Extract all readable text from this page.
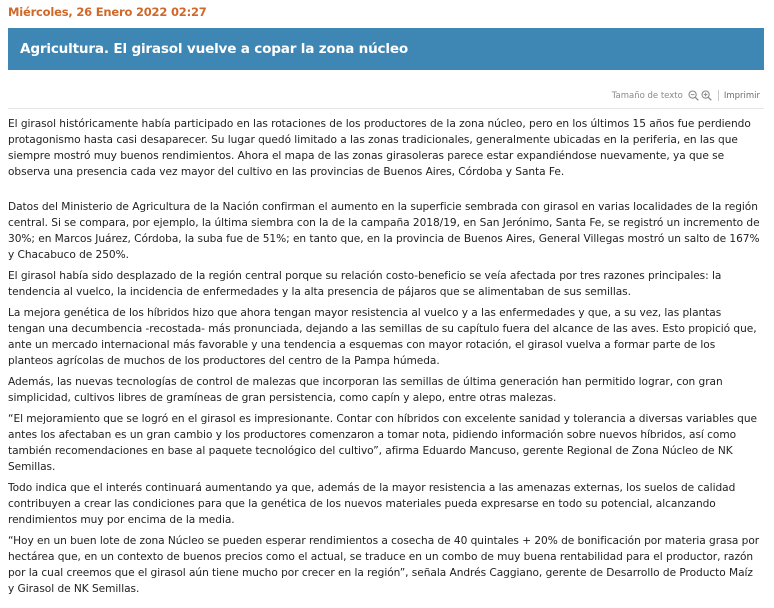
Miércoles, 26 Enero 2022 02:27
Agricultura. El girasol vuelve a copar la zona núcleo
Tamaño de texto	Imprimir

El girasol históricamente había participado en las rotaciones de los productores de la zona núcleo, pero en los últimos 15 años fue perdiendo protagonismo hasta casi desaparecer. Su lugar quedó limitado a las zonas tradicionales, generalmente ubicadas en la periferia, en las que siempre mostró muy buenos rendimientos. Ahora el mapa de las zonas girasoleras parece estar expandiéndose nuevamente, ya que se observa una presencia cada vez mayor del cultivo en las provincias de Buenos Aires, Córdoba y Santa Fe.

Datos del Ministerio de Agricultura de la Nación confirman el aumento en la superficie sembrada con girasol en varias localidades de la región central. Si se compara, por ejemplo, la última siembra con la de la campaña 2018/19, en San Jerónimo, Santa Fe, se registró un incremento de 30%; en Marcos Juárez, Córdoba, la suba fue de 51%; en tanto que, en la provincia de Buenos Aires, General Villegas mostró un salto de 167% y Chacabuco de 250%.

El girasol había sido desplazado de la región central porque su relación costo-beneficio se veía afectada por tres razones principales: la tendencia al vuelco, la incidencia de enfermedades y la alta presencia de pájaros que se alimentaban de sus semillas.

La mejora genética de los híbridos hizo que ahora tengan mayor resistencia al vuelco y a las enfermedades y que, a su vez, las plantas tengan una decumbencia -recostada- más pronunciada, dejando a las semillas de su capítulo fuera del alcance de las aves. Esto propició que, ante un mercado internacional más favorable y una tendencia a esquemas con mayor rotación, el girasol vuelva a formar parte de los planteos agrícolas de muchos de los productores del centro de la Pampa húmeda.

Además, las nuevas tecnologías de control de malezas que incorporan las semillas de última generación han permitido lograr, con gran simplicidad, cultivos libres de gramíneas de gran persistencia, como capín y alepo, entre otras malezas.

“El mejoramiento que se logró en el girasol es impresionante. Contar con híbridos con excelente sanidad y tolerancia a diversas variables que antes los afectaban es un gran cambio y los productores comenzaron a tomar nota, pidiendo información sobre nuevos híbridos, así como también recomendaciones en base al paquete tecnológico del cultivo”, afirma Eduardo Mancuso, gerente Regional de Zona Núcleo de NK Semillas.

Todo indica que el interés continuará aumentando ya que, además de la mayor resistencia a las amenazas externas, los suelos de calidad contribuyen a crear las condiciones para que la genética de los nuevos materiales pueda expresarse en todo su potencial, alcanzando rendimientos muy por encima de la media.

“Hoy en un buen lote de zona Núcleo se pueden esperar rendimientos a cosecha de 40 quintales + 20% de bonificación por materia grasa por hectárea que, en un contexto de buenos precios como el actual, se traduce en un combo de muy buena rentabilidad para el productor, razón por la cual creemos que el girasol aún tiene mucho por crecer en la región”, señala Andrés Caggiano, gerente de Desarrollo de Producto Maíz y Girasol de NK Semillas.
